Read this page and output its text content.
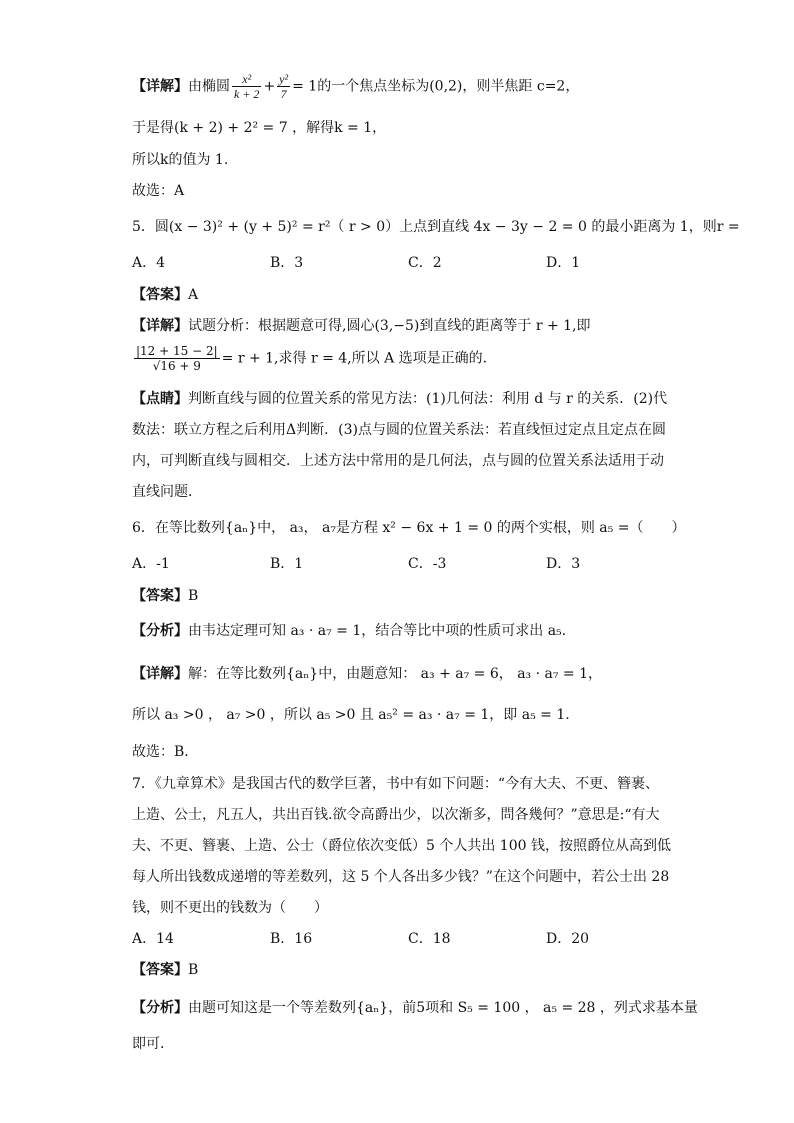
【详解】由椭圆 $\frac{\text{x²}}{k + 2} + \frac{\text{y²}}{7} = 1$的一个焦点坐标为(0,2)，则半焦距 c=2，
于是得(k + 2) + 2² = 7 ，解得k = 1，
所以k的值为 1.
故选：A
5．圆(x − 3)² + (y + 5)² = r²（ r > 0）上点到直线 4x − 3y − 2 = 0 的最小距离为 1，则r =
A．4	B．3	C．2	D．1
【答案】A
【详解】试题分析：根据题意可得,圆心(3,−5)到直线的距离等于 r + 1,即
$\frac{|12 + 15 - 2|}{√16 + 9} = r + 1$,求得 r = 4,所以 A 选项是正确的.
【点睛】判断直线与圆的位置关系的常见方法：(1)几何法：利用 d 与 r 的关系．(2)代
数法：联立方程之后利用Δ判断．(3)点与圆的位置关系法：若直线恒过定点且定点在圆
内，可判断直线与圆相交．上述方法中常用的是几何法，点与圆的位置关系法适用于动
直线问题．
6．在等比数列{aₙ}中， a₃， a₇是方程 x² − 6x + 1 = 0 的两个实根，则 a₅ =（　　）
A．-1	B．1	C．-3	D．3
【答案】B
【分析】由韦达定理可知 a₃ · a₇ = 1，结合等比中项的性质可求出 a₅.
【详解】解：在等比数列{aₙ}中，由题意知： a₃ + a₇ = 6， a₃ · a₇ = 1，
所以 a₃ >0 ， a₇ >0 ，所以 a₅ >0 且 a₅² = a₃ · a₇ = 1，即 a₅ = 1.
故选：B.
7．《九章算术》是我国古代的数学巨著，书中有如下问题：“今有大夫、不更、簪裹、
上造、公士，凡五人，共出百钱.欲令高爵出少，以次渐多，問各幾何？”意思是:“有大
夫、不更、簪裹、上造、公士（爵位依次变低）5 个人共出 100 钱，按照爵位从高到低
每人所出钱数成递增的等差数列，这 5 个人各出多少钱？”在这个问题中，若公士出 28
钱，则不更出的钱数为（　　）
A．14	B．16	C．18	D．20
【答案】B
【分析】由题可知这是一个等差数列{aₙ}，前5项和 S₅ = 100 ， a₅ = 28 ，列式求基本量
即可.
